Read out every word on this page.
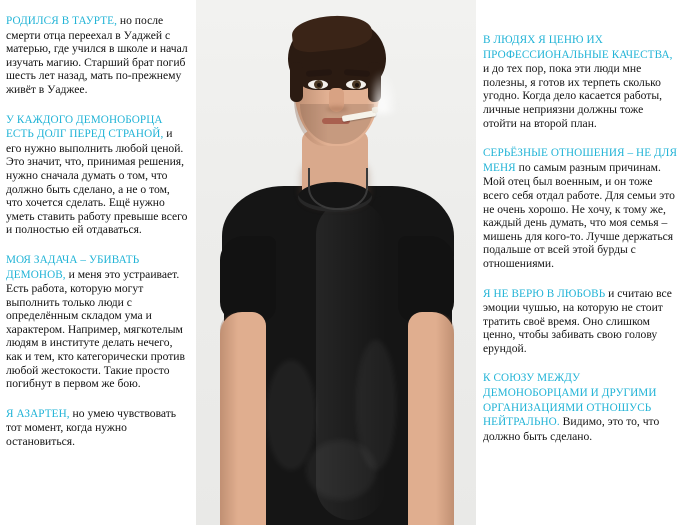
РОДИЛСЯ В ТАУРТЕ, но после смерти отца переехал в Уаджей с матерью, где учился в школе и начал изучать магию. Старший брат погиб шесть лет назад, мать по-прежнему живёт в Уаджее.

У КАЖДОГО ДЕМОНОБОРЦА ЕСТЬ ДОЛГ ПЕРЕД СТРАНОЙ, и его нужно выполнить любой ценой. Это значит, что, принимая решения, нужно сначала думать о том, что должно быть сделано, а не о том, что хочется сделать. Ещё нужно уметь ставить работу превыше всего и полностью ей отдаваться.

МОЯ ЗАДАЧА – УБИВАТЬ ДЕМОНОВ, и меня это устраивает. Есть работа, которую могут выполнить только люди с определённым складом ума и характером. Например, мягкотелым людям в институте делать нечего, как и тем, кто категорически против любой жестокости. Такие просто погибнут в первом же бою.

Я АЗАРТЕН, но умею чувствовать тот момент, когда нужно остановиться.

В ЛЮДЯХ Я ЦЕНЮ ИХ ПРОФЕССИОНАЛЬНЫЕ КАЧЕСТВА, и до тех пор, пока эти люди мне полезны, я готов их терпеть сколько угодно. Когда дело касается работы, личные неприязни должны тоже отойти на второй план.

СЕРЬЁЗНЫЕ ОТНОШЕНИЯ – НЕ ДЛЯ МЕНЯ по самым разным причинам. Мой отец был военным, и он тоже всего себя отдал работе. Для семьи это не очень хорошо. Не хочу, к тому же, каждый день думать, что моя семья – мишень для кого-то. Лучше держаться подальше от всей этой бурды с отношениями.

Я НЕ ВЕРЮ В ЛЮБОВЬ и считаю все эмоции чушью, на которую не стоит тратить своё время. Оно слишком ценно, чтобы забивать свою голову ерундой.

К СОЮЗУ МЕЖДУ ДЕМОНОБОРЦАМИ И ДРУГИМИ ОРГАНИЗАЦИЯМИ ОТНОШУСЬ НЕЙТРАЛЬНО. Видимо, это то, что должно быть сделано.
